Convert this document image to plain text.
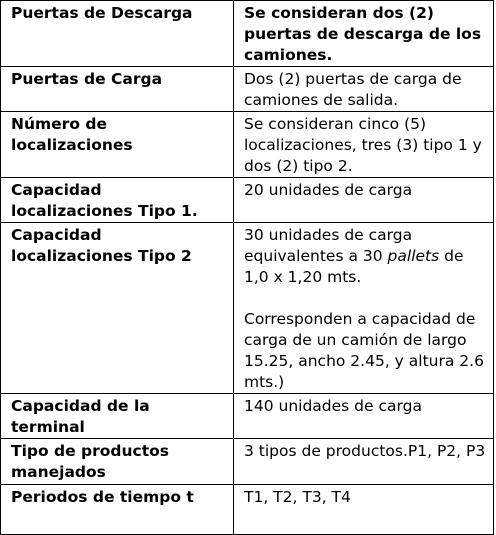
Puertas de Descarga	Se consideran dos (2) puertas de descarga de los camiones.
Puertas de Carga	Dos (2) puertas de carga de camiones de salida.
Número de localizaciones	Se consideran cinco (5) localizaciones, tres (3) tipo 1 y dos (2) tipo 2.
Capacidad localizaciones Tipo 1.	20 unidades de carga
Capacidad localizaciones Tipo 2	30 unidades de carga equivalentes a 30 pallets de 1,0 x 1,20 mts.
Corresponden a capacidad de carga de un camión de largo 15.25, ancho 2.45, y altura 2.6 mts.)

Capacidad de la terminal	140 unidades de carga
Tipo de productos manejados	3 tipos de productos.P1, P2, P3
Periodos de tiempo t	T1, T2, T3, T4
